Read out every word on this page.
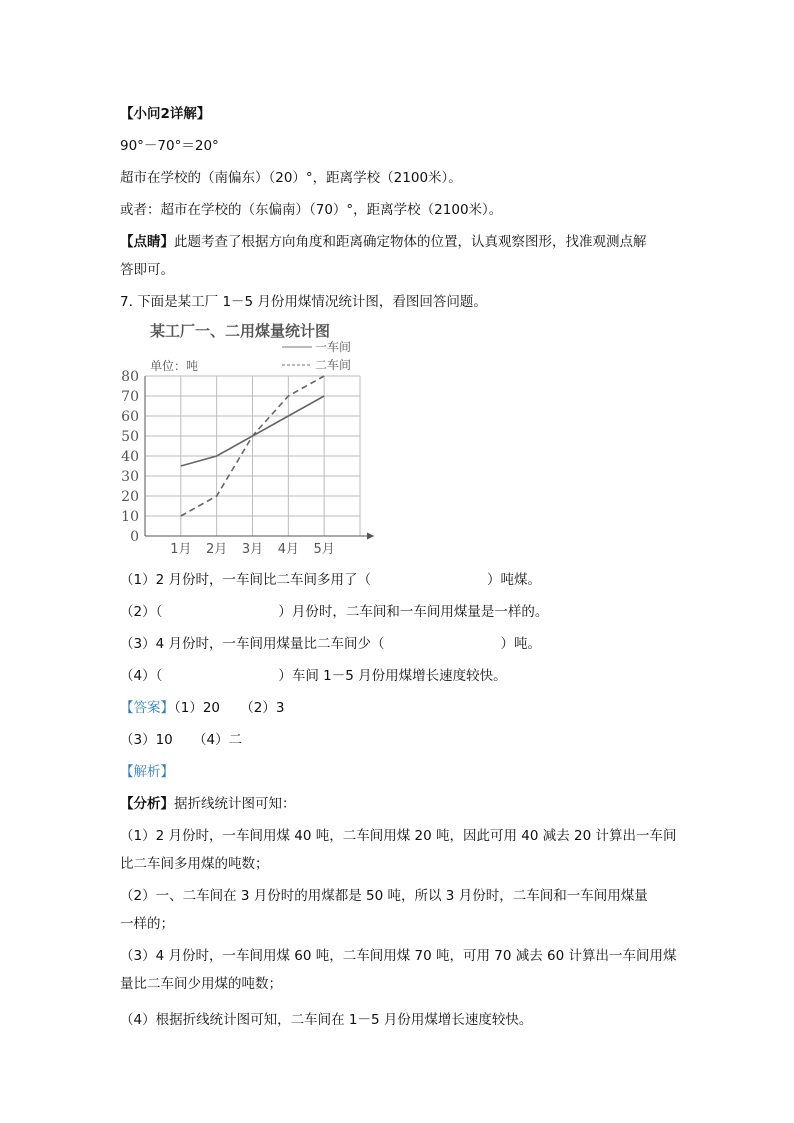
【小问2详解】
90°－70°＝20°
超市在学校的（南偏东）（20）°，距离学校（2100米）。
或者：超市在学校的（东偏南）（70）°，距离学校（2100米）。
【点睛】此题考查了根据方向角度和距离确定物体的位置，认真观察图形，找准观测点解
答即可。
7. 下面是某工厂 1－5 月份用煤情况统计图，看图回答问题。
某工厂一、二用煤量统计图
单位：吨
一车间
二车间
0
10
20
30
40
50
60
70
80
1月 2月 3月 4月 5月
（1）2 月份时，一车间比二车间多用了（	）吨煤。
（2）（	）月份时，二车间和一车间用煤量是一样的。
（3）4 月份时，一车间用煤量比二车间少（	）吨。
（4）（	）车间 1－5 月份用煤增长速度较快。
【答案】（1）20　　（2）3
（3）10　　（4）二
【解析】
【分析】据折线统计图可知：
（1）2 月份时，一车间用煤 40 吨，二车间用煤 20 吨，因此可用 40 减去 20 计算出一车间
比二车间多用煤的吨数；
（2）一、二车间在 3 月份时的用煤都是 50 吨，所以 3 月份时，二车间和一车间用煤量
一样的；
（3）4 月份时，一车间用煤 60 吨，二车间用煤 70 吨，可用 70 减去 60 计算出一车间用煤
量比二车间少用煤的吨数；
（4）根据折线统计图可知，二车间在 1－5 月份用煤增长速度较快。
